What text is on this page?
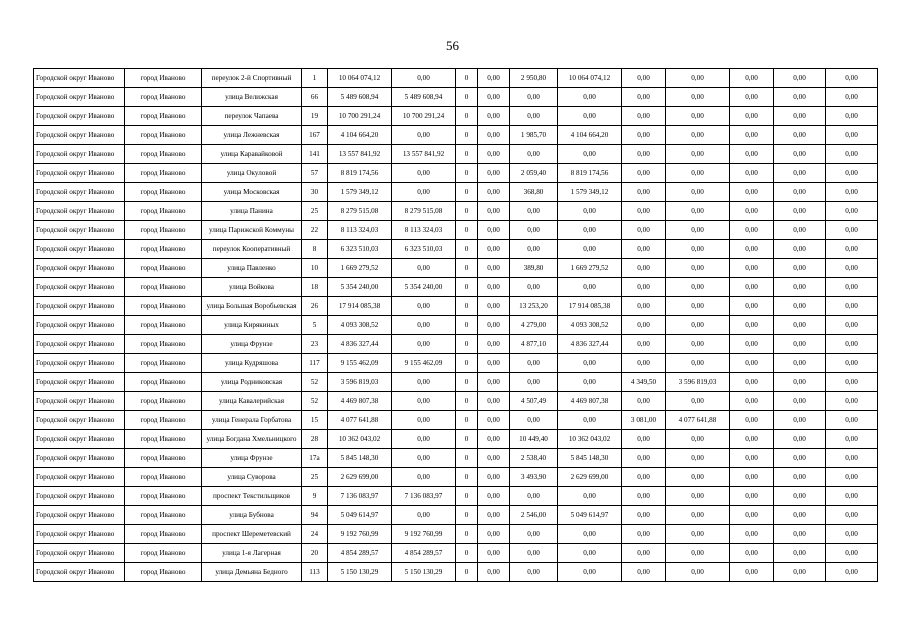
56
Городской округ Иваново	город Иваново	переулок 2-й Спортивный	1	10 064 074,12	0,00	0	0,00	2 950,80	10 064 074,12	0,00	0,00	0,00	0,00	0,00
Городской округ Иваново	город Иваново	улица Велижская	66	5 489 608,94	5 489 608,94	0	0,00	0,00	0,00	0,00	0,00	0,00	0,00	0,00
Городской округ Иваново	город Иваново	переулок Чапаева	19	10 700 291,24	10 700 291,24	0	0,00	0,00	0,00	0,00	0,00	0,00	0,00	0,00
Городской округ Иваново	город Иваново	улица Лежневская	167	4 104 664,20	0,00	0	0,00	1 985,70	4 104 664,20	0,00	0,00	0,00	0,00	0,00
Городской округ Иваново	город Иваново	улица Каравайковой	141	13 557 841,92	13 557 841,92	0	0,00	0,00	0,00	0,00	0,00	0,00	0,00	0,00
Городской округ Иваново	город Иваново	улица Окуловой	57	8 819 174,56	0,00	0	0,00	2 059,40	8 819 174,56	0,00	0,00	0,00	0,00	0,00
Городской округ Иваново	город Иваново	улица Московская	30	1 579 349,12	0,00	0	0,00	368,80	1 579 349,12	0,00	0,00	0,00	0,00	0,00
Городской округ Иваново	город Иваново	улица Панина	25	8 279 515,08	8 279 515,08	0	0,00	0,00	0,00	0,00	0,00	0,00	0,00	0,00
Городской округ Иваново	город Иваново	улица Парижской Коммуны	22	8 113 324,03	8 113 324,03	0	0,00	0,00	0,00	0,00	0,00	0,00	0,00	0,00
Городской округ Иваново	город Иваново	переулок Кооперативный	8	6 323 510,03	6 323 510,03	0	0,00	0,00	0,00	0,00	0,00	0,00	0,00	0,00
Городской округ Иваново	город Иваново	улица Павленко	10	1 669 279,52	0,00	0	0,00	389,80	1 669 279,52	0,00	0,00	0,00	0,00	0,00
Городской округ Иваново	город Иваново	улица Войкова	18	5 354 240,00	5 354 240,00	0	0,00	0,00	0,00	0,00	0,00	0,00	0,00	0,00
Городской округ Иваново	город Иваново	улица Большая Воробьевская	26	17 914 085,38	0,00	0	0,00	13 253,20	17 914 085,38	0,00	0,00	0,00	0,00	0,00
Городской округ Иваново	город Иваново	улица Кирякиных	5	4 093 308,52	0,00	0	0,00	4 279,00	4 093 308,52	0,00	0,00	0,00	0,00	0,00
Городской округ Иваново	город Иваново	улица Фрунзе	23	4 836 327,44	0,00	0	0,00	4 877,10	4 836 327,44	0,00	0,00	0,00	0,00	0,00
Городской округ Иваново	город Иваново	улица Кудряшова	117	9 155 462,09	9 155 462,09	0	0,00	0,00	0,00	0,00	0,00	0,00	0,00	0,00
Городской округ Иваново	город Иваново	улица Родниковская	52	3 596 819,03	0,00	0	0,00	0,00	0,00	4 349,50	3 596 819,03	0,00	0,00	0,00
Городской округ Иваново	город Иваново	улица Кавалерийская	52	4 469 807,38	0,00	0	0,00	4 507,49	4 469 807,38	0,00	0,00	0,00	0,00	0,00
Городской округ Иваново	город Иваново	улица Генерала Горбатова	15	4 077 641,88	0,00	0	0,00	0,00	0,00	3 081,00	4 077 641,88	0,00	0,00	0,00
Городской округ Иваново	город Иваново	улица Богдана Хмельницкого	28	10 362 043,02	0,00	0	0,00	10 449,40	10 362 043,02	0,00	0,00	0,00	0,00	0,00
Городской округ Иваново	город Иваново	улица Фрунзе	17а	5 845 148,30	0,00	0	0,00	2 538,40	5 845 148,30	0,00	0,00	0,00	0,00	0,00
Городской округ Иваново	город Иваново	улица Суворова	25	2 629 699,00	0,00	0	0,00	3 493,90	2 629 699,00	0,00	0,00	0,00	0,00	0,00
Городской округ Иваново	город Иваново	проспект Текстильщиков	9	7 136 083,97	7 136 083,97	0	0,00	0,00	0,00	0,00	0,00	0,00	0,00	0,00
Городской округ Иваново	город Иваново	улица Бубнова	94	5 049 614,97	0,00	0	0,00	2 546,00	5 049 614,97	0,00	0,00	0,00	0,00	0,00
Городской округ Иваново	город Иваново	проспект Шереметевский	24	9 192 760,99	9 192 760,99	0	0,00	0,00	0,00	0,00	0,00	0,00	0,00	0,00
Городской округ Иваново	город Иваново	улица 1-я Лагерная	20	4 854 289,57	4 854 289,57	0	0,00	0,00	0,00	0,00	0,00	0,00	0,00	0,00
Городской округ Иваново	город Иваново	улица Демьяна Бедного	113	5 150 130,29	5 150 130,29	0	0,00	0,00	0,00	0,00	0,00	0,00	0,00	0,00
